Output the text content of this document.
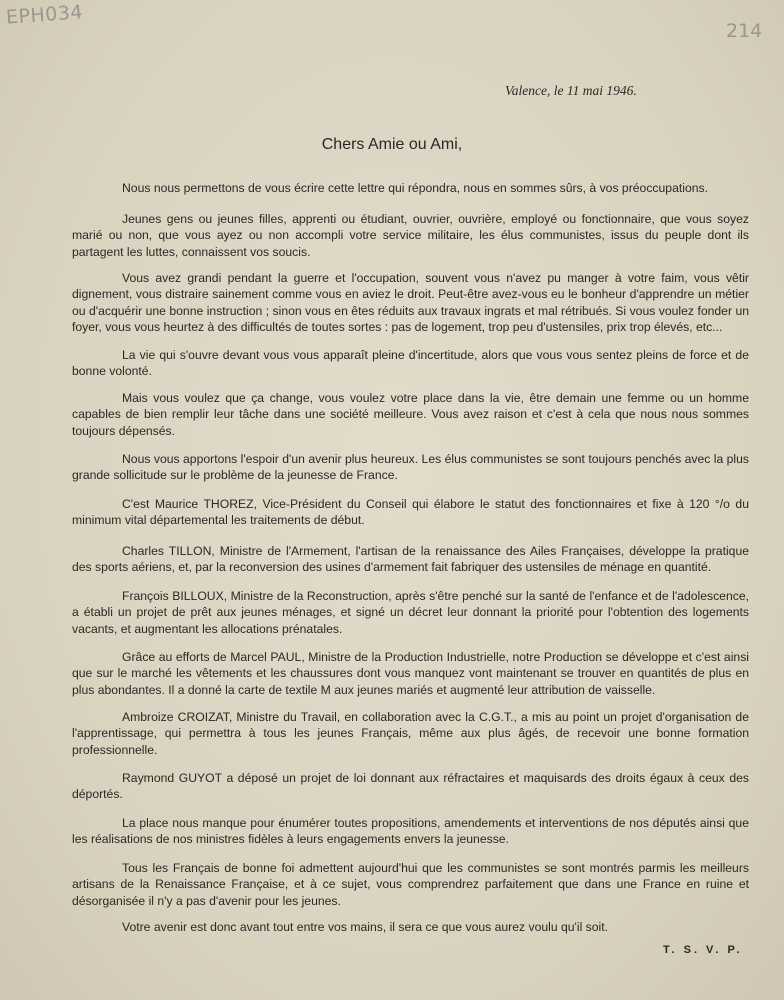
EPH034
214
Valence, le 11 mai 1946.
Chers Amie ou Ami,

Nous nous permettons de vous écrire cette lettre qui répondra, nous en sommes sûrs, à vos préoccupations.

Jeunes gens ou jeunes filles, apprenti ou étudiant, ouvrier, ouvrière, employé ou fonctionnaire, que vous soyez marié ou non, que vous ayez ou non accompli votre service militaire, les élus communistes, issus du peuple dont ils partagent les luttes, connaissent vos soucis.

Vous avez grandi pendant la guerre et l'occupation, souvent vous n'avez pu manger à votre faim, vous vêtir dignement, vous distraire sainement comme vous en aviez le droit. Peut-être avez-vous eu le bonheur d'apprendre un métier ou d'acquérir une bonne instruction ; sinon vous en êtes réduits aux travaux ingrats et mal rétribués. Si vous voulez fonder un foyer, vous vous heurtez à des difficultés de toutes sortes : pas de logement, trop peu d'ustensiles, prix trop élevés, etc...

La vie qui s'ouvre devant vous vous apparaît pleine d'incertitude, alors que vous vous sentez pleins de force et de bonne volonté.

Mais vous voulez que ça change, vous voulez votre place dans la vie, être demain une femme ou un homme capables de bien remplir leur tâche dans une société meilleure. Vous avez raison et c'est à cela que nous nous sommes toujours dépensés.

Nous vous apportons l'espoir d'un avenir plus heureux. Les élus communistes se sont toujours penchés avec la plus grande sollicitude sur le problème de la jeunesse de France.

C'est Maurice THOREZ, Vice-Président du Conseil qui élabore le statut des fonctionnaires et fixe à 120 °/o du minimum vital départemental les traitements de début.

Charles TILLON, Ministre de l'Armement, l'artisan de la renaissance des Ailes Françaises, développe la pratique des sports aériens, et, par la reconversion des usines d'armement fait fabriquer des ustensiles de ménage en quantité.

François BILLOUX, Ministre de la Reconstruction, après s'être penché sur la santé de l'enfance et de l'adolescence, a établi un projet de prêt aux jeunes ménages, et signé un décret leur donnant la priorité pour l'obtention des logements vacants, et augmentant les allocations prénatales.

Grâce au efforts de Marcel PAUL, Ministre de la Production Industrielle, notre Production se développe et c'est ainsi que sur le marché les vêtements et les chaussures dont vous manquez vont maintenant se trouver en quantités de plus en plus abondantes. Il a donné la carte de textile M aux jeunes mariés et augmenté leur attribution de vaisselle.

Ambroize CROIZAT, Ministre du Travail, en collaboration avec la C.G.T., a mis au point un projet d'organisation de l'apprentissage, qui permettra à tous les jeunes Français, même aux plus âgés, de recevoir une bonne formation professionnelle.

Raymond GUYOT a déposé un projet de loi donnant aux réfractaires et maquisards des droits égaux à ceux des déportés.

La place nous manque pour énumérer toutes propositions, amendements et interventions de nos députés ainsi que les réalisations de nos ministres fidèles à leurs engagements envers la jeunesse.

Tous les Français de bonne foi admettent aujourd'hui que les communistes se sont montrés parmis les meilleurs artisans de la Renaissance Française, et à ce sujet, vous comprendrez parfaitement que dans une France en ruine et désorganisée il n'y a pas d'avenir pour les jeunes.

Votre avenir est donc avant tout entre vos mains, il sera ce que vous aurez voulu qu'il soit.

T. S. V. P.
